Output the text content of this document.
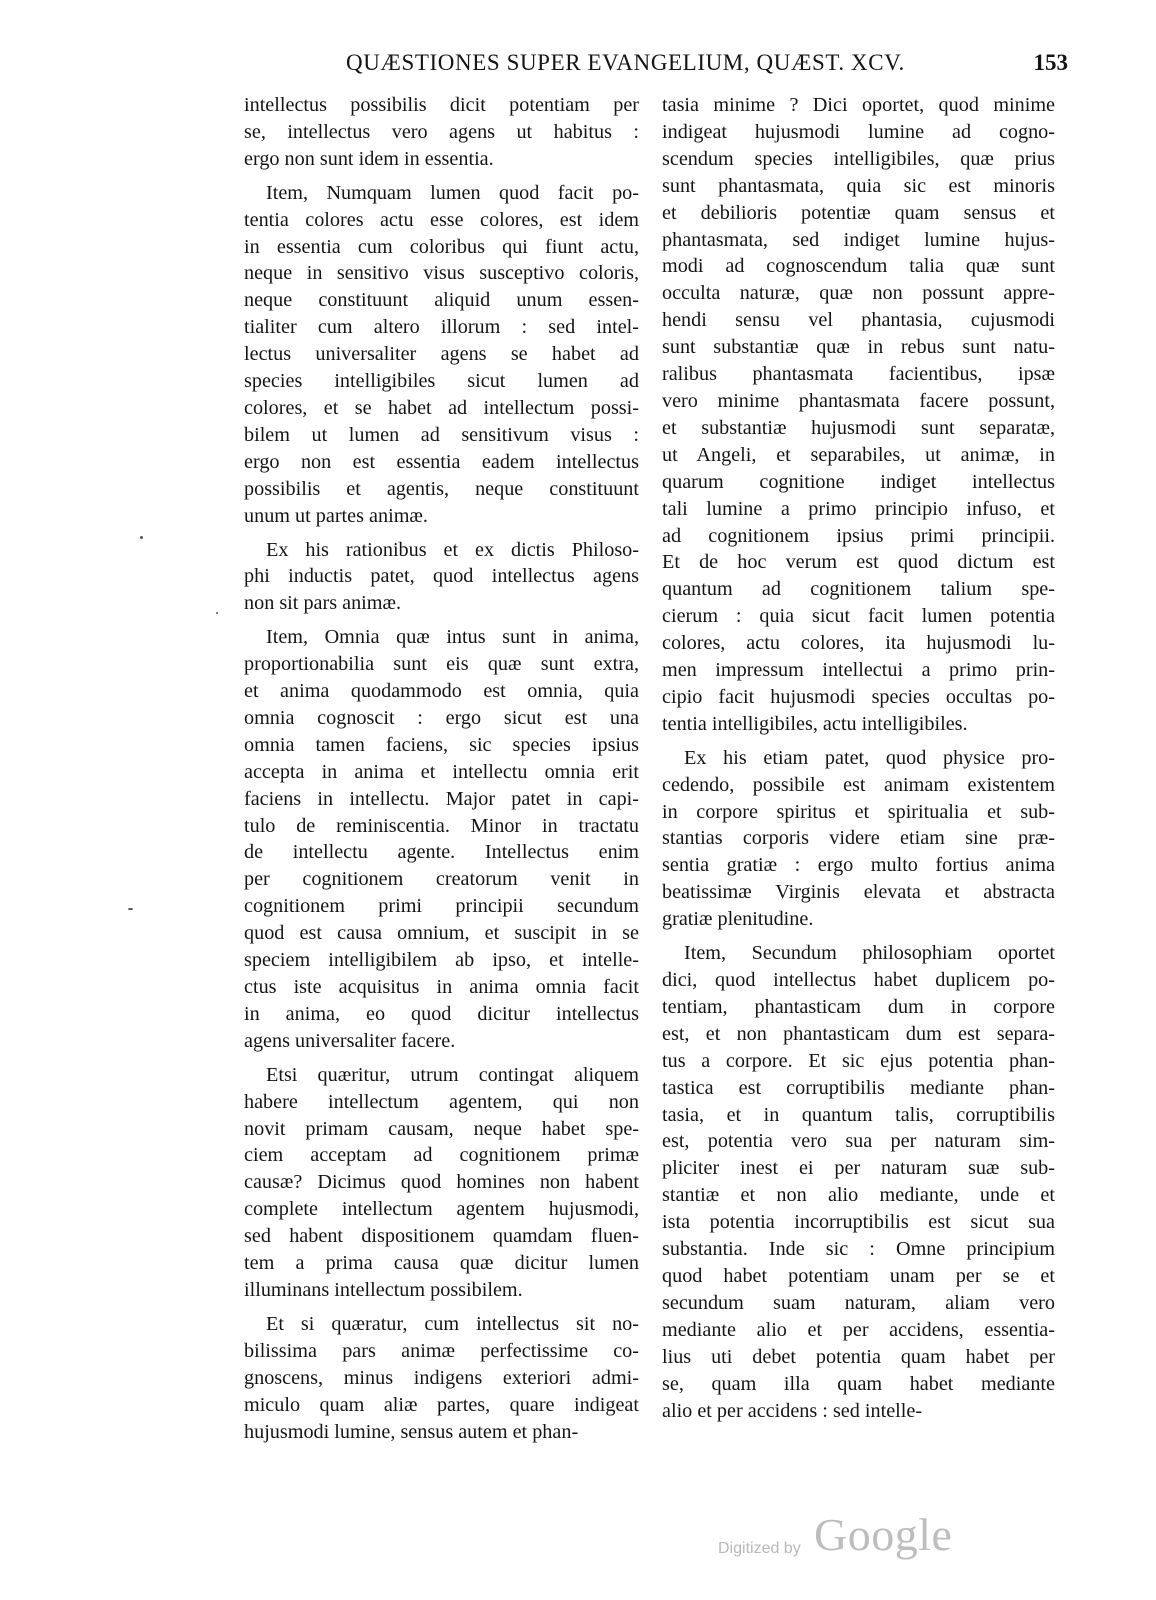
QUÆSTIONES SUPER EVANGELIUM, QUÆST. XCV.	153
intellectus possibilis dicit potentiam per
se, intellectus vero agens ut habitus :
ergo non sunt idem in essentia.
Item, Numquam lumen quod facit po-
tentia colores actu esse colores, est idem
in essentia cum coloribus qui fiunt actu,
neque in sensitivo visus susceptivo coloris,
neque constituunt aliquid unum essen-
tialiter cum altero illorum : sed intel-
lectus universaliter agens se habet ad
species intelligibiles sicut lumen ad
colores, et se habet ad intellectum possi-
bilem ut lumen ad sensitivum visus :
ergo non est essentia eadem intellectus
possibilis et agentis, neque constituunt
unum ut partes animæ.
Ex his rationibus et ex dictis Philoso-
phi inductis patet, quod intellectus agens
non sit pars animæ.
Item, Omnia quæ intus sunt in anima,
proportionabilia sunt eis quæ sunt extra,
et anima quodammodo est omnia, quia
omnia cognoscit : ergo sicut est una
omnia tamen faciens, sic species ipsius
accepta in anima et intellectu omnia erit
faciens in intellectu. Major patet in capi-
tulo de reminiscentia. Minor in tractatu
de intellectu agente. Intellectus enim
per cognitionem creatorum venit in
cognitionem primi principii secundum
quod est causa omnium, et suscipit in se
speciem intelligibilem ab ipso, et intelle-
ctus iste acquisitus in anima omnia facit
in anima, eo quod dicitur intellectus
agens universaliter facere.
Etsi quæritur, utrum contingat aliquem
habere intellectum agentem, qui non
novit primam causam, neque habet spe-
ciem acceptam ad cognitionem primæ
causæ? Dicimus quod homines non habent
complete intellectum agentem hujusmodi,
sed habent dispositionem quamdam fluen-
tem a prima causa quæ dicitur lumen
illuminans intellectum possibilem.
Et si quæratur, cum intellectus sit no-
bilissima pars animæ perfectissime co-
gnoscens, minus indigens exteriori admi-
miculo quam aliæ partes, quare indigeat
hujusmodi lumine, sensus autem et phan-
tasia minime ? Dici oportet, quod minime
indigeat hujusmodi lumine ad cogno-
scendum species intelligibiles, quæ prius
sunt phantasmata, quia sic est minoris
et debilioris potentiæ quam sensus et
phantasmata, sed indiget lumine hujus-
modi ad cognoscendum talia quæ sunt
occulta naturæ, quæ non possunt appre-
hendi sensu vel phantasia, cujusmodi
sunt substantiæ quæ in rebus sunt natu-
ralibus phantasmata facientibus, ipsæ
vero minime phantasmata facere possunt,
et substantiæ hujusmodi sunt separatæ,
ut Angeli, et separabiles, ut animæ, in
quarum cognitione indiget intellectus
tali lumine a primo principio infuso, et
ad cognitionem ipsius primi principii.
Et de hoc verum est quod dictum est
quantum ad cognitionem talium spe-
cierum : quia sicut facit lumen potentia
colores, actu colores, ita hujusmodi lu-
men impressum intellectui a primo prin-
cipio facit hujusmodi species occultas po-
tentia intelligibiles, actu intelligibiles.
Ex his etiam patet, quod physice pro-
cedendo, possibile est animam existentem
in corpore spiritus et spiritualia et sub-
stantias corporis videre etiam sine præ-
sentia gratiæ : ergo multo fortius anima
beatissimæ Virginis elevata et abstracta
gratiæ plenitudine.
Item, Secundum philosophiam oportet
dici, quod intellectus habet duplicem po-
tentiam, phantasticam dum in corpore
est, et non phantasticam dum est separa-
tus a corpore. Et sic ejus potentia phan-
tastica est corruptibilis mediante phan-
tasia, et in quantum talis, corruptibilis
est, potentia vero sua per naturam sim-
pliciter inest ei per naturam suæ sub-
stantiæ et non alio mediante, unde et
ista potentia incorruptibilis est sicut sua
substantia. Inde sic : Omne principium
quod habet potentiam unam per se et
secundum suam naturam, aliam vero
mediante alio et per accidens, essentia-
lius uti debet potentia quam habet per
se, quam illa quam habet mediante
alio et per accidens : sed intelle-
Digitized by Google
